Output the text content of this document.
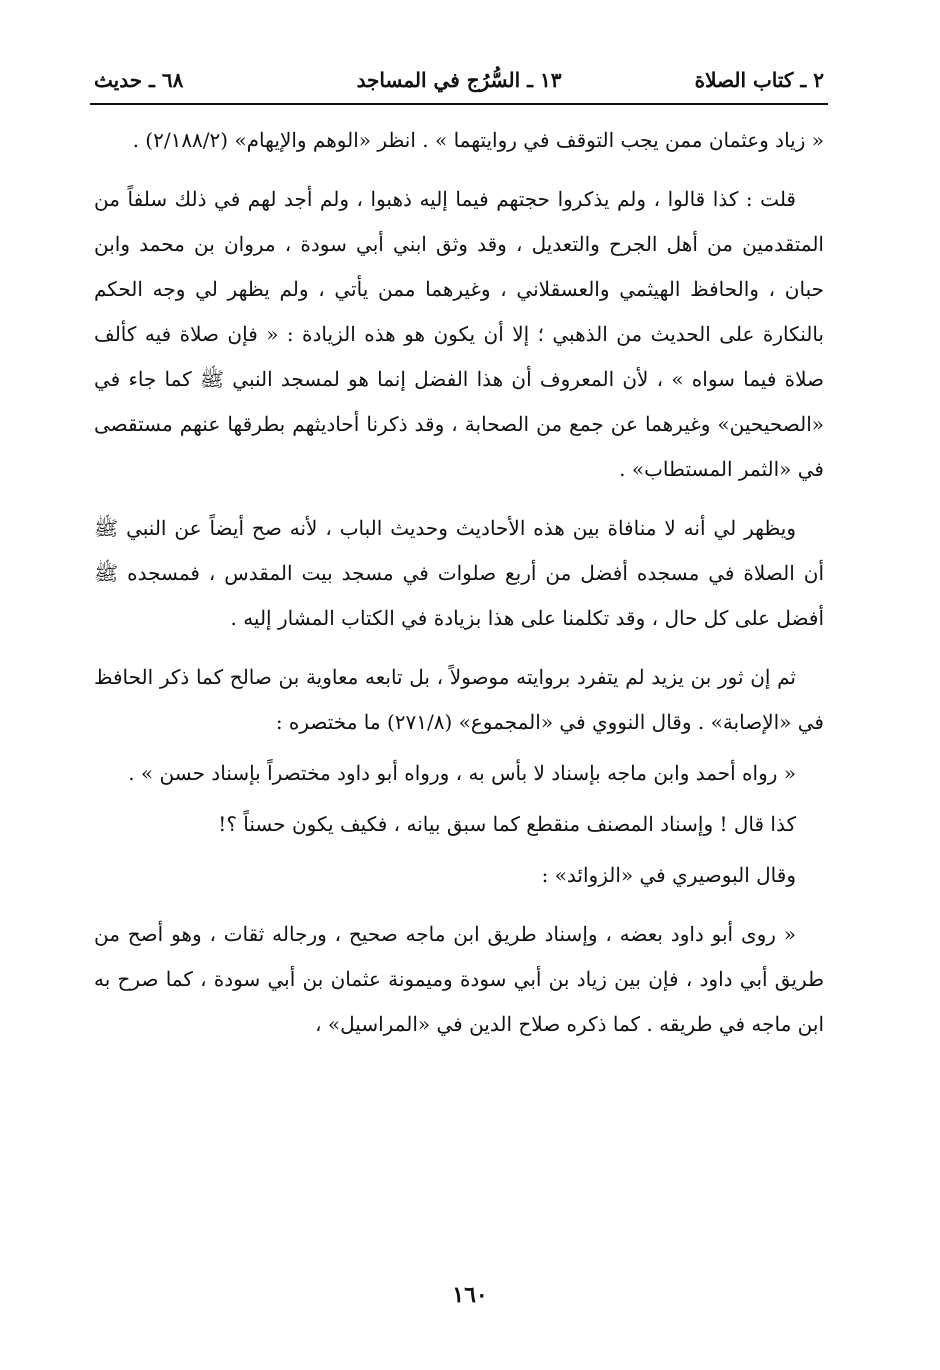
٢ ـ كتاب الصلاة
١٣ ـ السُّرُج في المساجد
٦٨ ـ حديث

« زياد وعثمان ممن يجب التوقف في روايتهما » . انظر «الوهم والإيهام» (٢/١٨٨/٢) .

قلت : كذا قالوا ، ولم يذكروا حجتهم فيما إليه ذهبوا ، ولم أجد لهم في ذلك سلفاً من المتقدمين من أهل الجرح والتعديل ، وقد وثق ابني أبي سودة ، مروان بن محمد وابن حبان ، والحافظ الهيثمي والعسقلاني ، وغيرهما ممن يأتي ، ولم يظهر لي وجه الحكم بالنكارة على الحديث من الذهبي ؛ إلا أن يكون هو هذه الزيادة : « فإن صلاة فيه كألف صلاة فيما سواه » ، لأن المعروف أن هذا الفضل إنما هو لمسجد النبي ﷺ كما جاء في «الصحيحين» وغيرهما عن جمع من الصحابة ، وقد ذكرنا أحاديثهم بطرقها عنهم مستقصى في «الثمر المستطاب» .

ويظهر لي أنه لا منافاة بين هذه الأحاديث وحديث الباب ، لأنه صح أيضاً عن النبي ﷺ أن الصلاة في مسجده أفضل من أربع صلوات في مسجد بيت المقدس ، فمسجده ﷺ أفضل على كل حال ، وقد تكلمنا على هذا بزيادة في الكتاب المشار إليه .

ثم إن ثور بن يزيد لم يتفرد بروايته موصولاً ، بل تابعه معاوية بن صالح كما ذكر الحافظ في «الإصابة» . وقال النووي في «المجموع» (٢٧١/٨) ما مختصره :

« رواه أحمد وابن ماجه بإسناد لا بأس به ، ورواه أبو داود مختصراً بإسناد حسن » .

كذا قال ! وإسناد المصنف منقطع كما سبق بيانه ، فكيف يكون حسناً ؟!

وقال البوصيري في «الزوائد» :

« روى أبو داود بعضه ، وإسناد طريق ابن ماجه صحيح ، ورجاله ثقات ، وهو أصح من طريق أبي داود ، فإن بين زياد بن أبي سودة وميمونة عثمان بن أبي سودة ، كما صرح به ابن ماجه في طريقه . كما ذكره صلاح الدين في «المراسيل» ،

١٦٠
